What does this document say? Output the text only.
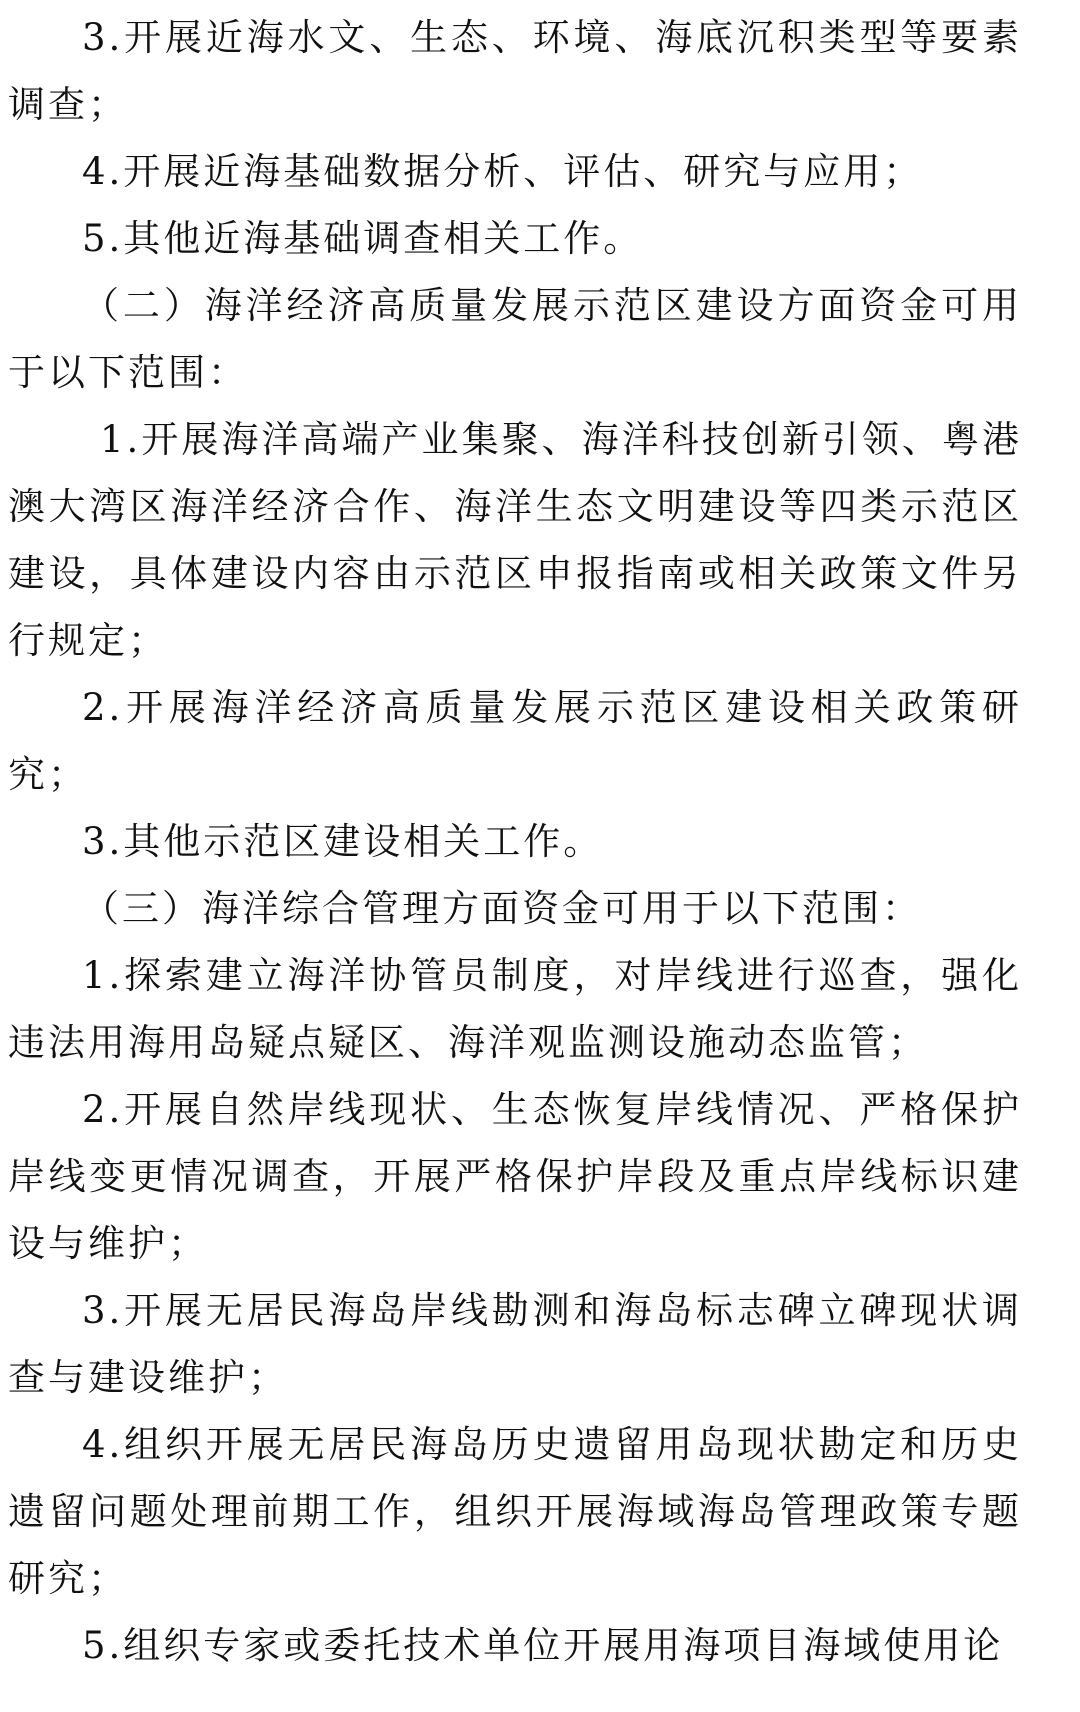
3.开展近海水文、生态、环境、海底沉积类型等要素调查；

4.开展近海基础数据分析、评估、研究与应用；

5.其他近海基础调查相关工作。

（二）海洋经济高质量发展示范区建设方面资金可用于以下范围：

1.开展海洋高端产业集聚、海洋科技创新引领、粤港澳大湾区海洋经济合作、海洋生态文明建设等四类示范区建设，具体建设内容由示范区申报指南或相关政策文件另行规定；

2.开展海洋经济高质量发展示范区建设相关政策研究；

3.其他示范区建设相关工作。

（三）海洋综合管理方面资金可用于以下范围：

1.探索建立海洋协管员制度，对岸线进行巡查，强化违法用海用岛疑点疑区、海洋观监测设施动态监管；

2.开展自然岸线现状、生态恢复岸线情况、严格保护岸线变更情况调查，开展严格保护岸段及重点岸线标识建设与维护；

3.开展无居民海岛岸线勘测和海岛标志碑立碑现状调查与建设维护；

4.组织开展无居民海岛历史遗留用岛现状勘定和历史遗留问题处理前期工作，组织开展海域海岛管理政策专题研究；

5.组织专家或委托技术单位开展用海项目海域使用论
